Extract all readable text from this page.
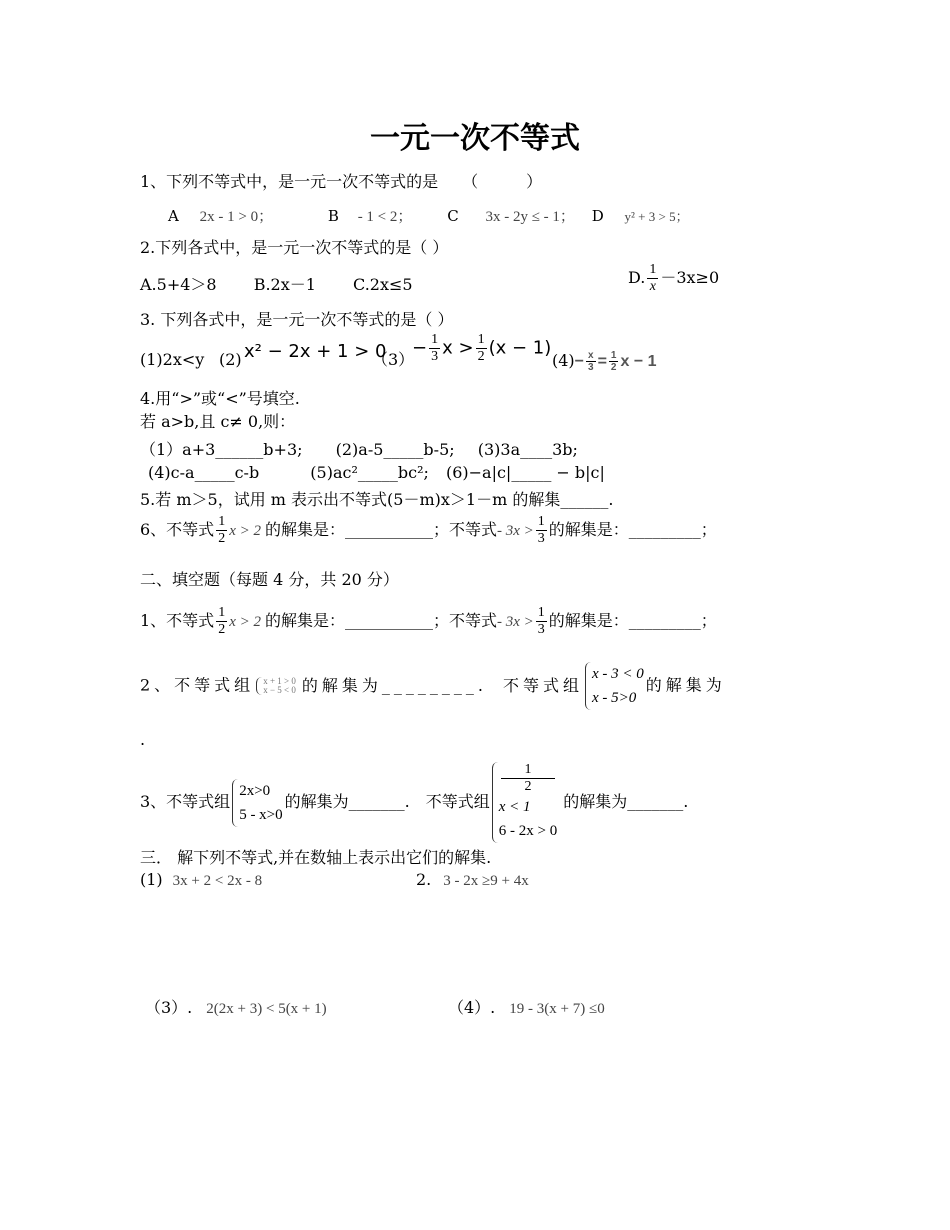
一元一次不等式
1、下列不等式中，是一元一次不等式的是　　（　　　）
A 2x - 1 > 0；	B - 1 < 2； C 3x - 2y ≤ - 1； D y² + 3 > 5；
2.下列各式中，是一元一次不等式的是（ ）
A.5+4＞8 B.2x－1 C.2x≤5	D. $\frac{1}{x} -3x\ge 0$
3. 下列各式中，是一元一次不等式的是（ ）
(1)2x<y (2) x² − 2x + 1 > 0
（3）
− $\frac{1}{3}$ $x > \frac{1}{2} (x - 1)$
$(4)- \frac{x}{3} = \frac{1}{2}$ x − 1
4.用“>”或“<”号填空.
若 a>b,且 c≠ 0,则：
（1）a+3______b+3; (2)a-5_____b-5; (3)3a____3b;
(4)c-a_____c-b	(5)ac²_____bc²; (6)−a|c|_____ − b|c|
5.若 m＞5，试用 m 表示出不等式(5－m)x＞1－m 的解集______.
6、不等式 $\frac{1}{2}$ x > 2 的解集是：___________；不等式- $3x > \frac{1}{3}$ 的解集是：_________；
二、填空题（每题 4 分，共 20 分）
1、不等式 $\frac{1}{2}$ x > 2 的解集是：___________；不等式- $3x > \frac{1}{3}$ 的解集是：_________；
2、不等式组 x + 1 > 0
x − 5 < 0 的解集为________. 不等式组
x - 3 < 0
x - 5>0
的解集为
.
3、不等式组
2x>0
5 - x>0
的解集为_______. 不等式组
1
2
x < 1
6 - 2x > 0
的解集为_______.
三． 解下列不等式,并在数轴上表示出它们的解集.
(1) 3x + 2 < 2x - 8	2. 3 - 2x ≥9 + 4x
（3）. 2(2x + 3) < 5(x + 1)	（4）. 19 - 3(x + 7) ≤0
